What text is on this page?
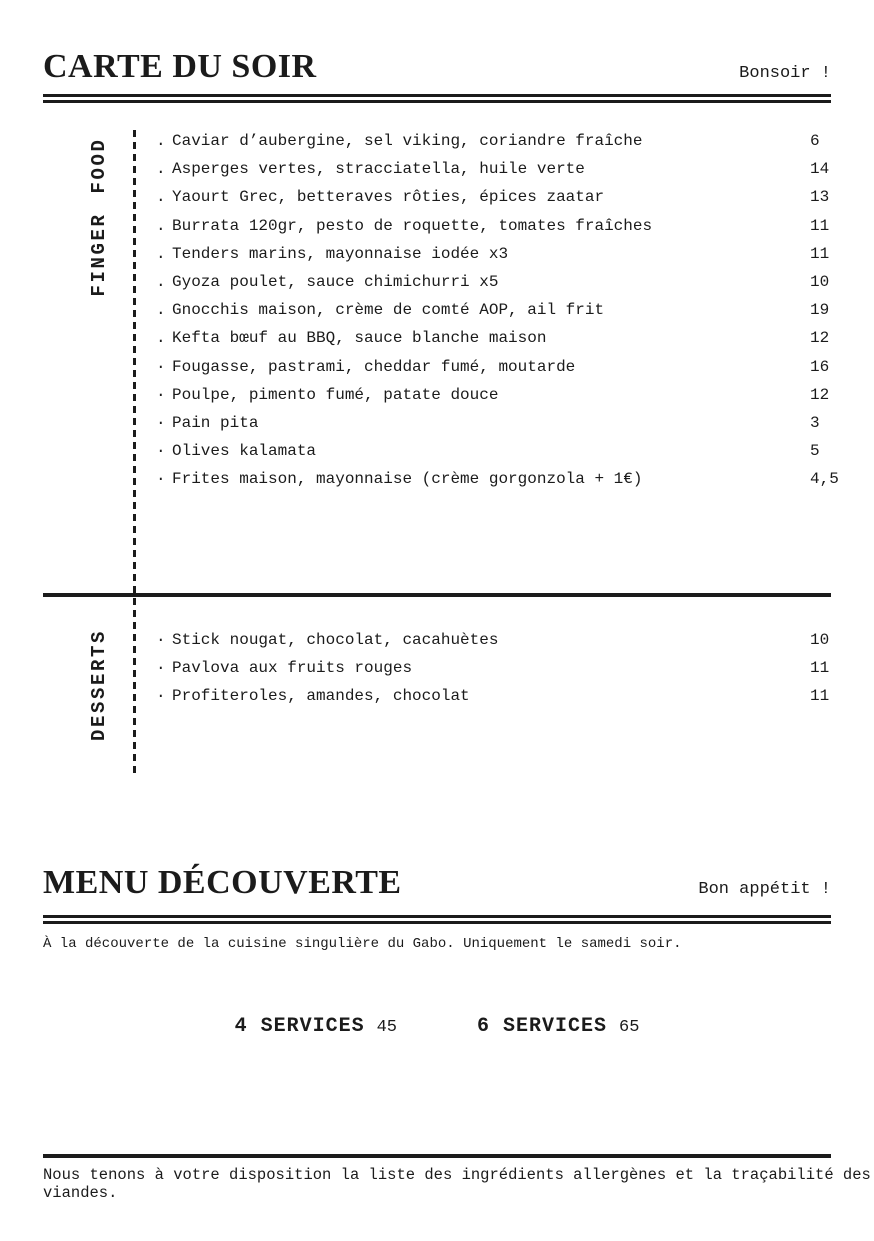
CARTE DU SOIR	Bonsoir !
FINGER FOOD
DESSERTS
. Caviar d’aubergine, sel viking, coriandre fraîche	6
. Asperges vertes, stracciatella, huile verte	14
. Yaourt Grec, betteraves rôties, épices zaatar	13
. Burrata 120gr, pesto de roquette, tomates fraîches	11
. Tenders marins, mayonnaise iodée x3	11
. Gyoza poulet, sauce chimichurri x5	10
. Gnocchis maison, crème de comté AOP, ail frit	19
. Kefta bœuf au BBQ, sauce blanche maison	12
· Fougasse, pastrami, cheddar fumé, moutarde	16
· Poulpe, pimento fumé, patate douce	12
· Pain pita	3
· Olives kalamata	5
· Frites maison, mayonnaise (crème gorgonzola + 1€)	4,5
· Stick nougat, chocolat, cacahuètes	10
· Pavlova aux fruits rouges	11
· Profiteroles, amandes, chocolat	11
MENU DÉCOUVERTE	Bon appétit !
À la découverte de la cuisine singulière du Gabo. Uniquement le samedi soir.
4 SERVICES 45	6 SERVICES 65
Nous tenons à votre disposition la liste des ingrédients allergènes et la traçabilité des viandes.
